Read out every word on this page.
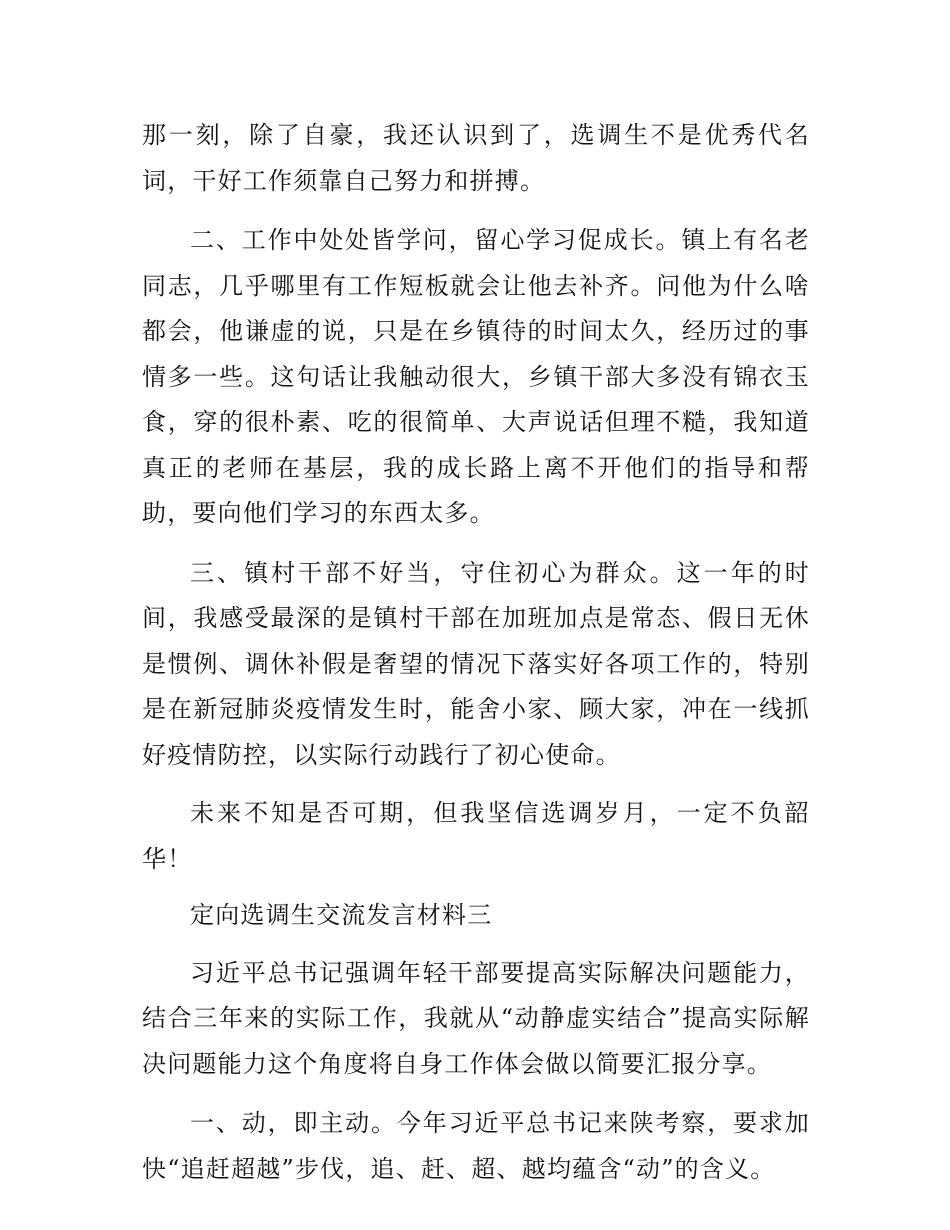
那一刻，除了自豪，我还认识到了，选调生不是优秀代名词，干好工作须靠自己努力和拼搏。

二、工作中处处皆学问，留心学习促成长。镇上有名老同志，几乎哪里有工作短板就会让他去补齐。问他为什么啥都会，他谦虚的说，只是在乡镇待的时间太久，经历过的事情多一些。这句话让我触动很大，乡镇干部大多没有锦衣玉食，穿的很朴素、吃的很简单、大声说话但理不糙，我知道真正的老师在基层，我的成长路上离不开他们的指导和帮助，要向他们学习的东西太多。

三、镇村干部不好当，守住初心为群众。这一年的时间，我感受最深的是镇村干部在加班加点是常态、假日无休是惯例、调休补假是奢望的情况下落实好各项工作的，特别是在新冠肺炎疫情发生时，能舍小家、顾大家，冲在一线抓好疫情防控，以实际行动践行了初心使命。

未来不知是否可期，但我坚信选调岁月，一定不负韶华！

定向选调生交流发言材料三

习近平总书记强调年轻干部要提高实际解决问题能力，结合三年来的实际工作，我就从“动静虚实结合”提高实际解决问题能力这个角度将自身工作体会做以简要汇报分享。

一、动，即主动。今年习近平总书记来陕考察，要求加快“追赶超越”步伐，追、赶、超、越均蕴含“动”的含义。
